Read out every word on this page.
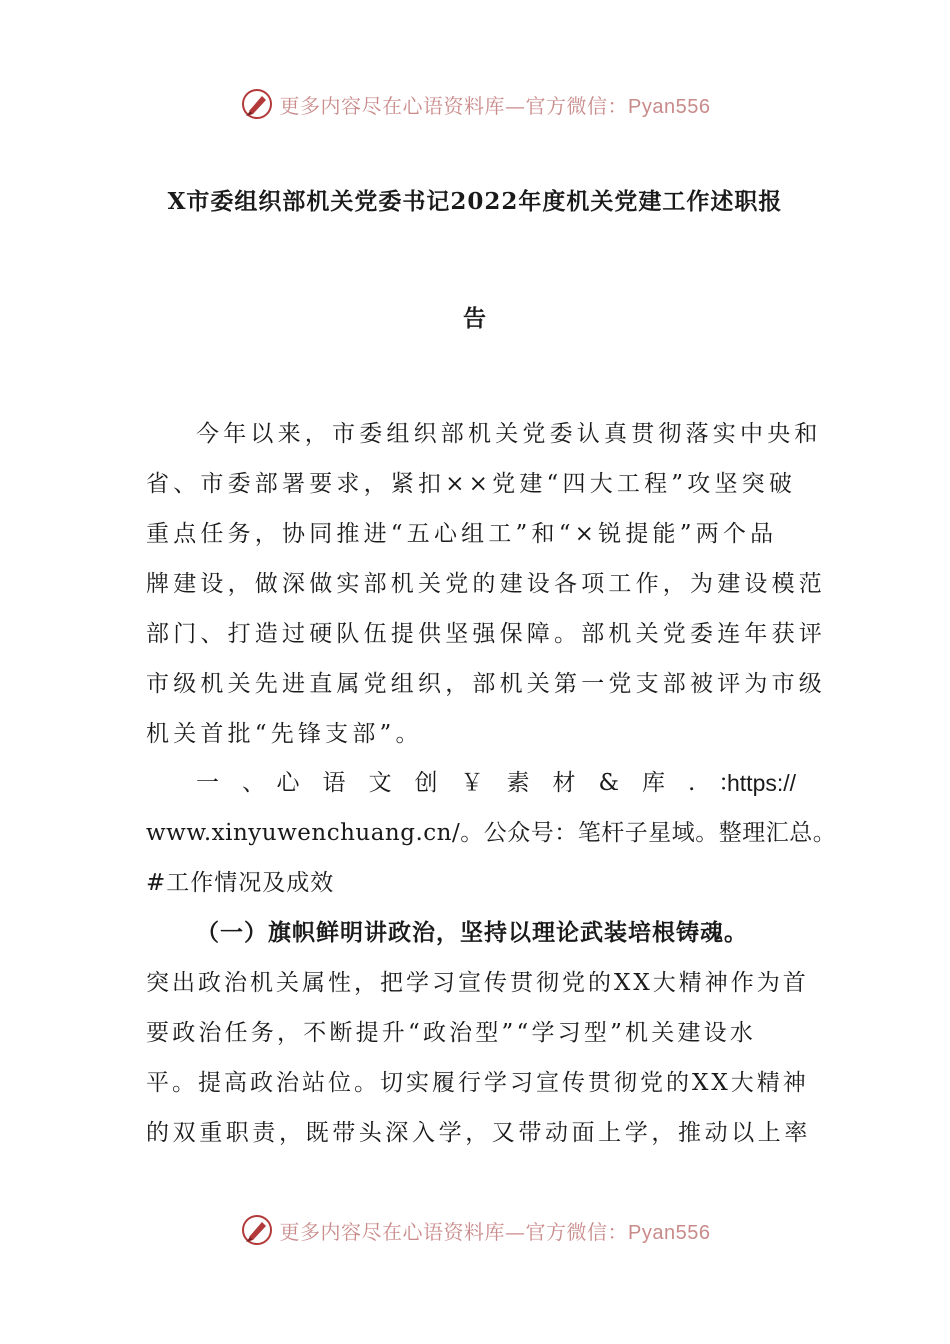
更多内容尽在心语资料库—官方微信：Pyan556
X市委组织部机关党委书记2022年度机关党建工作述职报
告
今年以来，市委组织部机关党委认真贯彻落实中央和
省、市委部署要求，紧扣××党建“四大工程”攻坚突破
重点任务，协同推进“五心组工”和“×锐提能”两个品
牌建设，做深做实部机关党的建设各项工作，为建设模范
部门、打造过硬队伍提供坚强保障。部机关党委连年获评
市级机关先进直属党组织，部机关第一党支部被评为市级
机关首批“先锋支部”。
一　、　心　语　文　创　￥　素　材　&　库　.　：
https://
www.xinyuwenchuang.cn/。公众号：笔杆子星域。整理汇总。
#工作情况及成效
（一）旗帜鲜明讲政治，坚持以理论武装培根铸魂。
突出政治机关属性，把学习宣传贯彻党的XX大精神作为首
要政治任务，不断提升“政治型”“学习型”机关建设水
平。提高政治站位。切实履行学习宣传贯彻党的XX大精神
的双重职责，既带头深入学，又带动面上学，推动以上率
更多内容尽在心语资料库—官方微信：Pyan556
